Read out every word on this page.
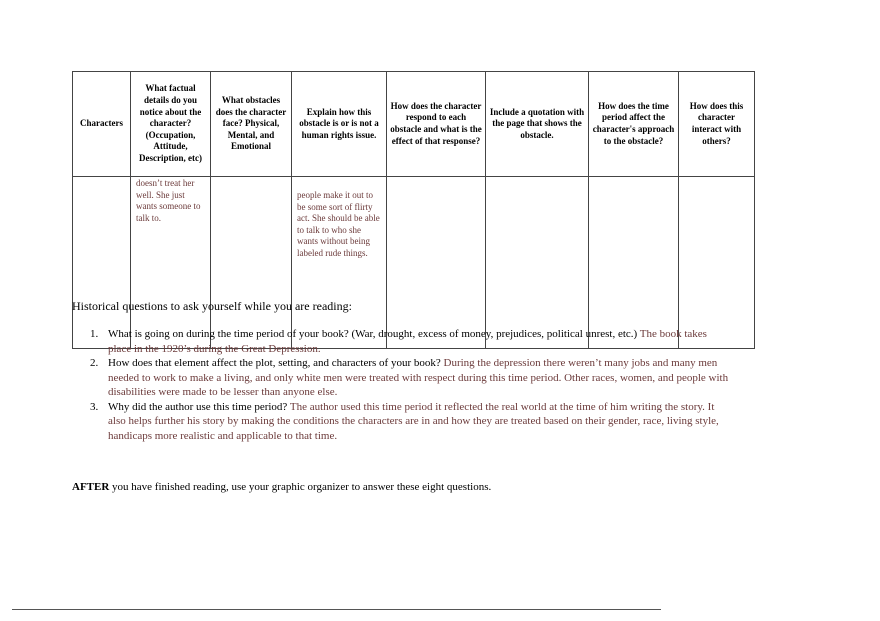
Characters	What factual details do you notice about the character? (Occupation, Attitude, Description, etc)	What obstacles does the character face? Physical, Mental, and Emotional	Explain how this obstacle is or is not a human rights issue.	How does the character respond to each obstacle and what is the effect of that response?	Include a quotation with the page that shows the obstacle.	How does the time period affect the character's approach to the obstacle?	How does this character interact with others?

	doesn’t treat her well. She just wants someone to talk to.		people make it out to be some sort of flirty act. She should be able to talk to who she wants without being labeled rude things.				

Historical questions to ask yourself while you are reading:

1. What is going on during the time period of your book? (War, drought, excess of money, prejudices, political unrest, etc.) The book takes place in the 1920’s during the Great Depression.
2. How does that element affect the plot, setting, and characters of your book? During the depression there weren’t many jobs and many men needed to work to make a living, and only white men were treated with respect during this time period. Other races, women, and people with disabilities were made to be lesser than anyone else.
3. Why did the author use this time period? The author used this time period it reflected the real world at the time of him writing the story. It also helps further his story by making the conditions the characters are in and how they are treated based on their gender, race, living style, handicaps more realistic and applicable to that time.

AFTER you have finished reading, use your graphic organizer to answer these eight questions.
